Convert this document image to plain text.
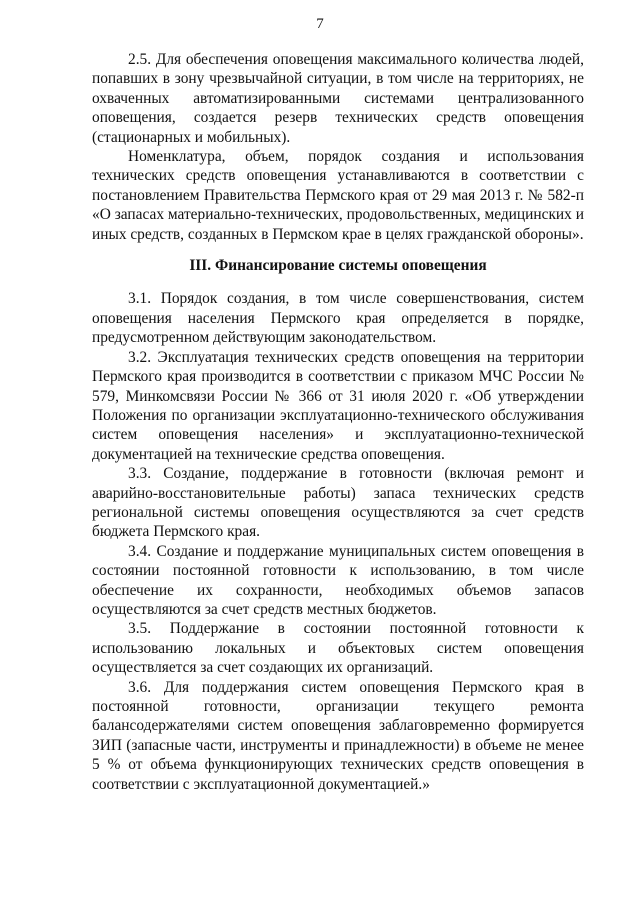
7

2.5. Для обеспечения оповещения максимального количества людей, попавших в зону чрезвычайной ситуации, в том числе на территориях, не охваченных автоматизированными системами централизованного оповещения, создается резерв технических средств оповещения (стационарных и мобильных).

Номенклатура, объем, порядок создания и использования технических средств оповещения устанавливаются в соответствии с постановлением Правительства Пермского края от 29 мая 2013 г. № 582-п «О запасах материально-технических, продовольственных, медицинских и иных средств, созданных в Пермском крае в целях гражданской обороны».

III. Финансирование системы оповещения

3.1. Порядок создания, в том числе совершенствования, систем оповещения населения Пермского края определяется в порядке, предусмотренном действующим законодательством.

3.2. Эксплуатация технических средств оповещения на территории Пермского края производится в соответствии с приказом МЧС России № 579, Минкомсвязи России № 366 от 31 июля 2020 г. «Об утверждении Положения по организации эксплуатационно-технического обслуживания систем оповещения населения» и эксплуатационно-технической документацией на технические средства оповещения.

3.3. Создание, поддержание в готовности (включая ремонт и аварийно-восстановительные работы) запаса технических средств региональной системы оповещения осуществляются за счет средств бюджета Пермского края.

3.4. Создание и поддержание муниципальных систем оповещения в состоянии постоянной готовности к использованию, в том числе обеспечение их сохранности, необходимых объемов запасов осуществляются за счет средств местных бюджетов.

3.5. Поддержание в состоянии постоянной готовности к использованию локальных и объектовых систем оповещения осуществляется за счет создающих их организаций.

3.6. Для поддержания систем оповещения Пермского края в постоянной готовности, организации текущего ремонта балансодержателями систем оповещения заблаговременно формируется ЗИП (запасные части, инструменты и принадлежности) в объеме не менее 5 % от объема функционирующих технических средств оповещения в соответствии с эксплуатационной документацией.»
